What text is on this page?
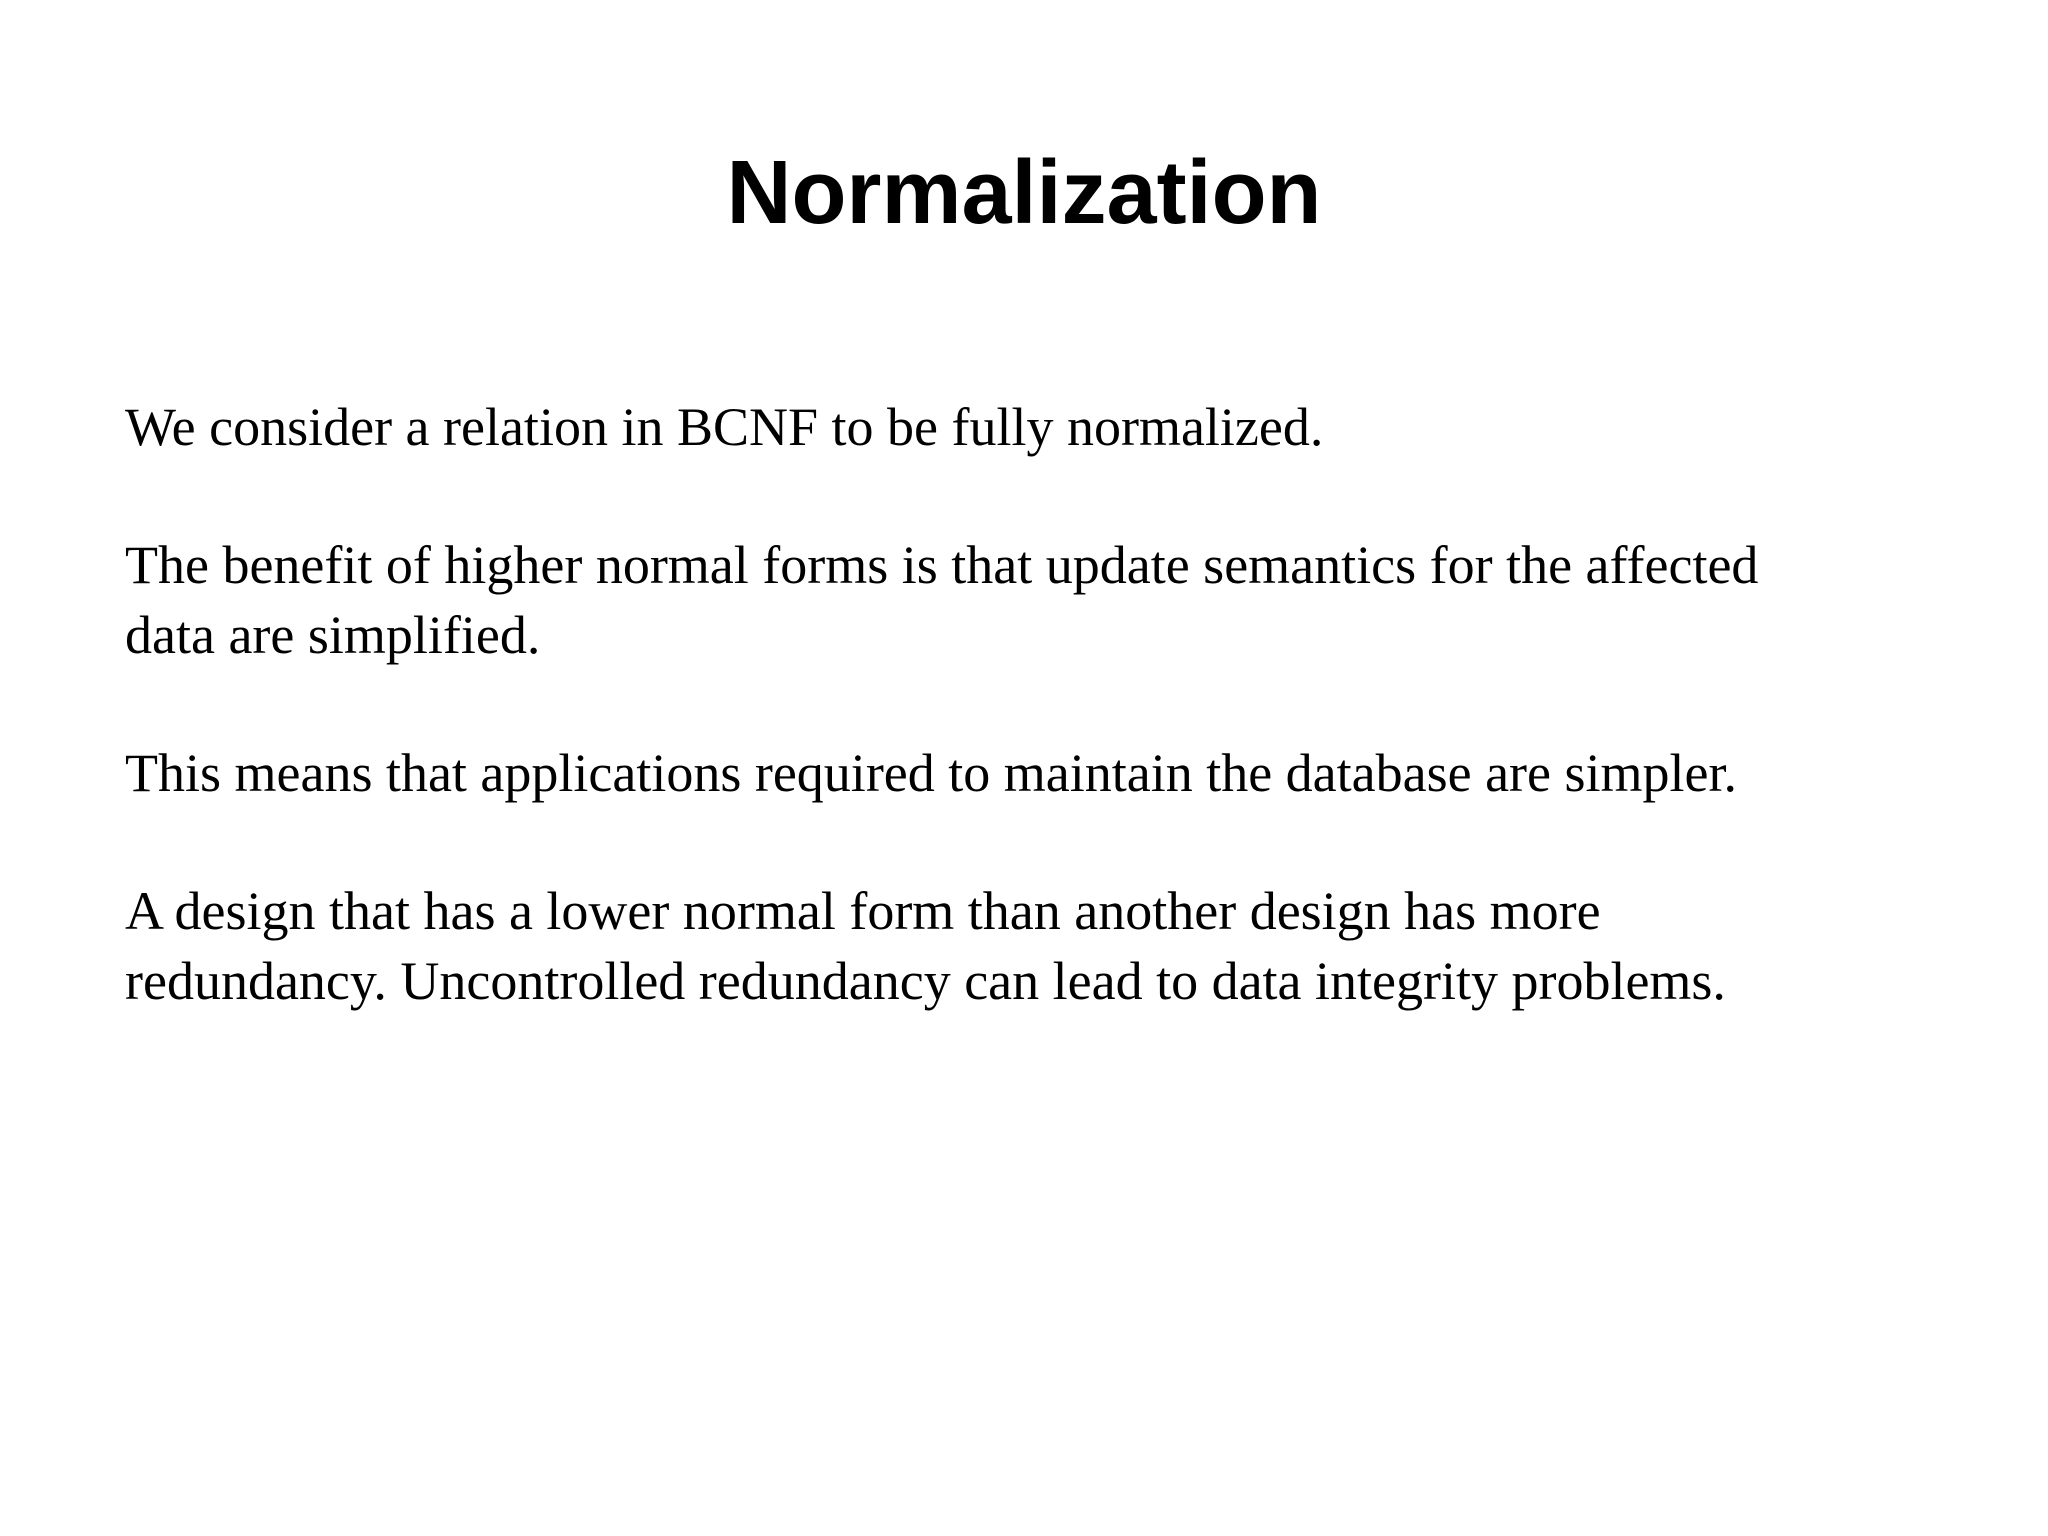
Normalization

We consider a relation in BCNF to be fully normalized.

The benefit of higher normal forms is that update semantics for the affected
data are simplified.

This means that applications required to maintain the database are simpler.

A design that has a lower normal form than another design has more
redundancy. Uncontrolled redundancy can lead to data integrity problems.
